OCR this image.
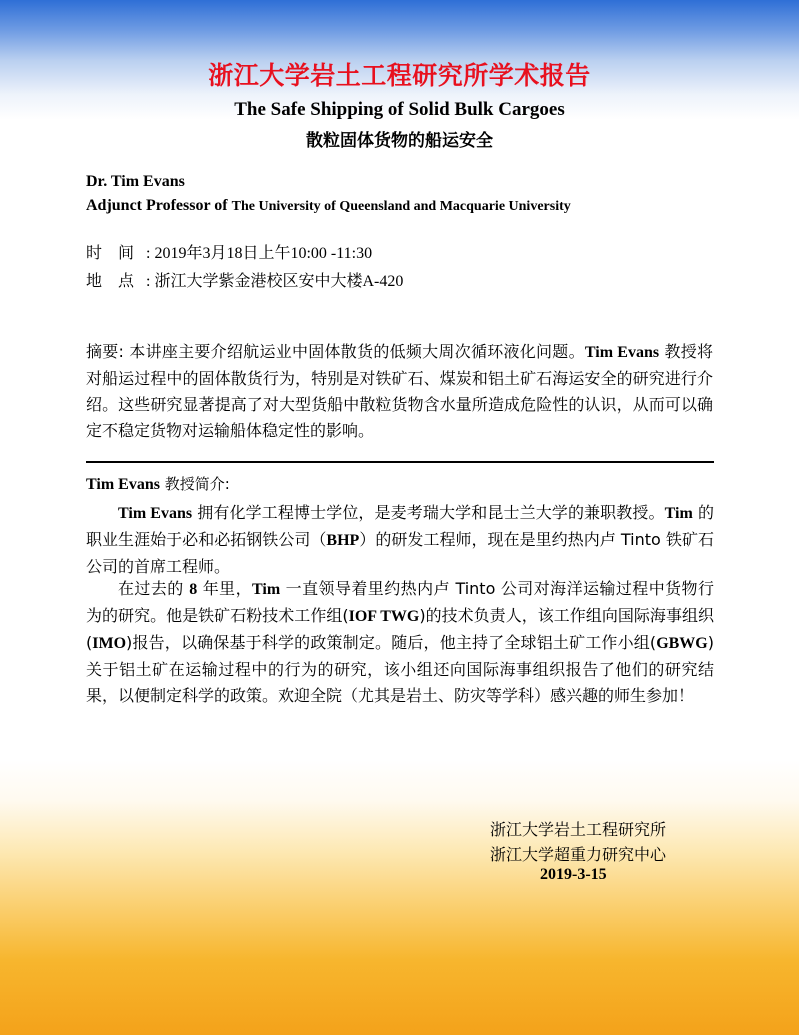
浙江大学岩土工程研究所学术报告
The Safe Shipping of Solid Bulk Cargoes
散粒固体货物的船运安全
Dr. Tim Evans
Adjunct Professor of The University of Queensland and Macquarie University
时　间 : 2019年3月18日上午10:00 -11:30
地　点 : 浙江大学紫金港校区安中大楼A-420
摘要: 本讲座主要介绍航运业中固体散货的低频大周次循环液化问题。Tim Evans 教授将对船运过程中的固体散货行为，特别是对铁矿石、煤炭和铝土矿石海运安全的研究进行介绍。这些研究显著提高了对大型货船中散粒货物含水量所造成危险性的认识，从而可以确定不稳定货物对运输船体稳定性的影响。
Tim Evans 教授简介:

Tim Evans 拥有化学工程博士学位，是麦考瑞大学和昆士兰大学的兼职教授。Tim 的职业生涯始于必和必拓钢铁公司（BHP）的研发工程师，现在是里约热内卢 Tinto 铁矿石公司的首席工程师。

在过去的 8 年里，Tim 一直领导着里约热内卢 Tinto 公司对海洋运输过程中货物行为的研究。他是铁矿石粉技术工作组(IOF TWG)的技术负责人，该工作组向国际海事组织(IMO)报告，以确保基于科学的政策制定。随后，他主持了全球铝土矿工作小组(GBWG)关于铝土矿在运输过程中的行为的研究，该小组还向国际海事组织报告了他们的研究结果，以便制定科学的政策。欢迎全院（尤其是岩土、防灾等学科）感兴趣的师生参加！

浙江大学岩土工程研究所
浙江大学超重力研究中心
2019-3-15
